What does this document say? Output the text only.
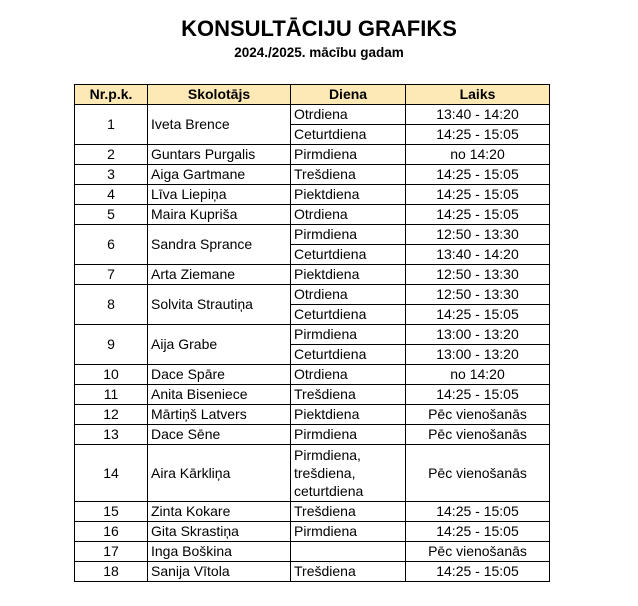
KONSULTĀCIJU GRAFIKS
2024./2025. mācību gadam
Nr.p.k.	Skolotājs	Diena	Laiks
1	Iveta Brence	Otrdiena	13:40 - 14:20
		Ceturtdiena	14:25 - 15:05
2	Guntars Purgalis	Pirmdiena	no 14:20
3	Aiga Gartmane	Trešdiena	14:25 - 15:05
4	Līva Liepiņa	Piektdiena	14:25 - 15:05
5	Maira Kupriša	Otrdiena	14:25 - 15:05
6	Sandra Sprance	Pirmdiena	12:50 - 13:30
		Ceturtdiena	13:40 - 14:20
7	Arta Ziemane	Piektdiena	12:50 - 13:30
8	Solvita Strautiņa	Otrdiena	12:50 - 13:30
		Ceturtdiena	14:25 - 15:05
9	Aija Grabe	Pirmdiena	13:00 - 13:20
		Ceturtdiena	13:00 - 13:20
10	Dace Spāre	Otrdiena	no 14:20
11	Anita Biseniece	Trešdiena	14:25 - 15:05
12	Mārtiņš Latvers	Piektdiena	Pēc vienošanās
13	Dace Sēne	Pirmdiena	Pēc vienošanās
14	Aira Kārkliņa	Pirmdiena, trešdiena, ceturtdiena	Pēc vienošanās
15	Zinta Kokare	Trešdiena	14:25 - 15:05
16	Gita Skrastiņa	Pirmdiena	14:25 - 15:05
17	Inga Boškina		Pēc vienošanās
18	Sanija Vītola	Trešdiena	14:25 - 15:05
